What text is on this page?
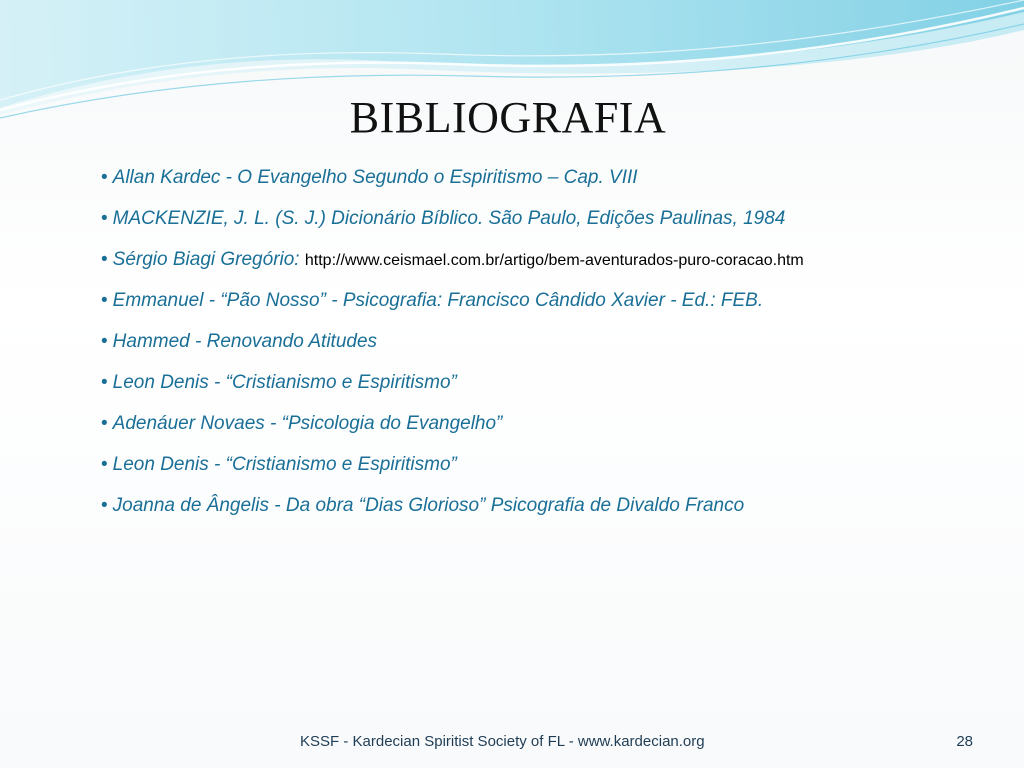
BIBLIOGRAFIA
• Allan Kardec - O Evangelho Segundo o Espiritismo – Cap. VIII
• MACKENZIE, J. L. (S. J.) Dicionário Bíblico. São Paulo, Edições Paulinas, 1984
• Sérgio Biagi Gregório: http://www.ceismael.com.br/artigo/bem-aventurados-puro-coracao.htm
• Emmanuel - “Pão Nosso” - Psicografia: Francisco Cândido Xavier - Ed.: FEB.
• Hammed - Renovando Atitudes
• Leon Denis - “Cristianismo e Espiritismo”
• Adenáuer Novaes - “Psicologia do Evangelho”
• Leon Denis - “Cristianismo e Espiritismo”
• Joanna de Ângelis - Da obra “Dias Glorioso” Psicografia de Divaldo Franco
KSSF - Kardecian Spiritist Society of FL - www.kardecian.org	28
